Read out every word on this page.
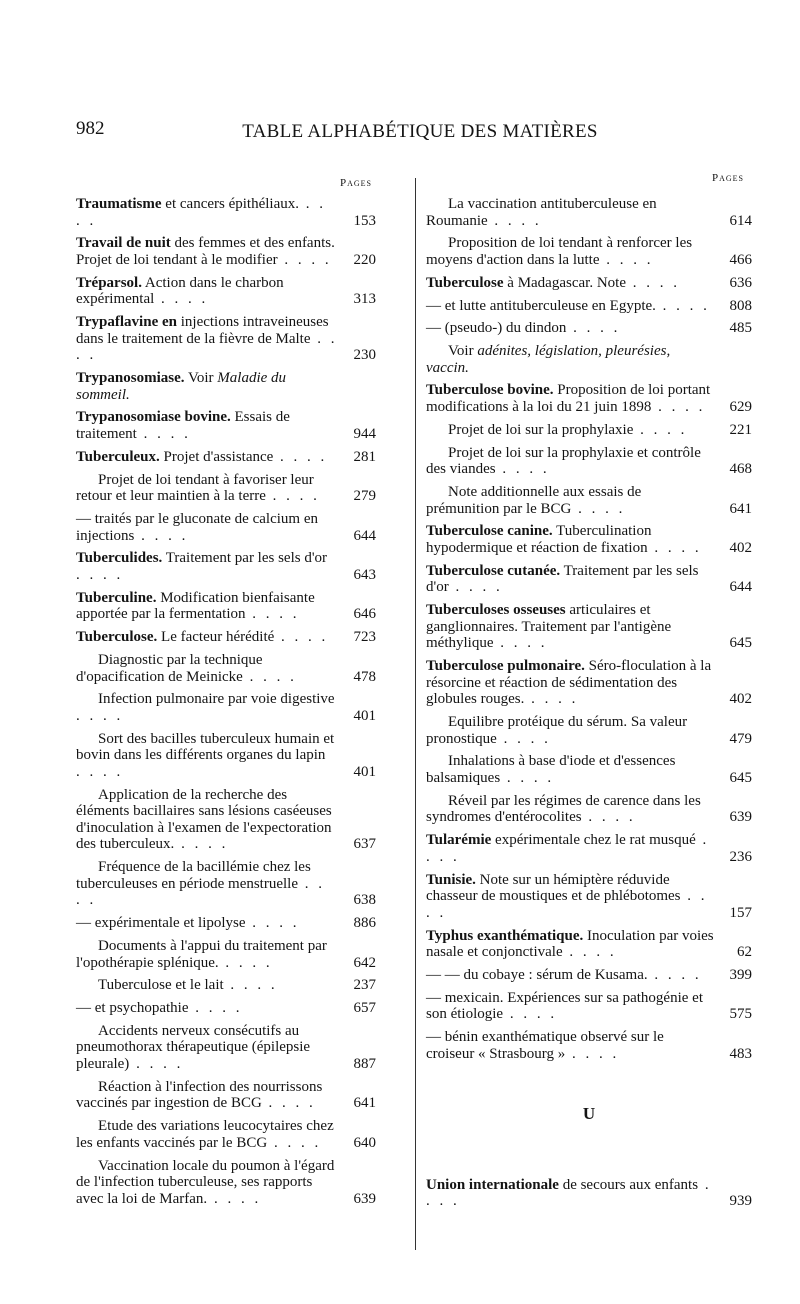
982	TABLE ALPHABÉTIQUE DES MATIÈRES
Pages	Pages
Traumatisme et cancers épithéliaux. . . . .	153
Travail de nuit des femmes et des enfants. Projet de loi tendant à le modifier . . . . 220
Tréparsol. Action dans le charbon expérimental . . . .	313
Trypaflavine en injections intraveineuses dans le traitement de la fièvre de Malte . . . .	230
Trypanosomiase. Voir Maladie du sommeil.
Trypanosomiase bovine. Essais de traitement . . . .	944
Tuberculeux. Projet d'assistance . . . . 281
Projet de loi tendant à favoriser leur retour et leur maintien à la terre . . . .	279
— traités par le gluconate de calcium en injections . . . .	644
Tuberculides. Traitement par les sels d'or . . . .	643
Tuberculine. Modification bienfaisante apportée par la fermentation . . . .	646
Tuberculose. Le facteur hérédité . . . . 723
Diagnostic par la technique d'opacification de Meinicke . . . .	478
Infection pulmonaire par voie digestive . . . .	401
Sort des bacilles tuberculeux humain et bovin dans les différents organes du lapin . . . .	401
Application de la recherche des éléments bacillaires sans lésions caséeuses d'inoculation à l'examen de l'expectoration des tuberculeux. . . . .	637
Fréquence de la bacillémie chez les tuberculeuses en période menstruelle . . . .	638
— expérimentale et lipolyse . . . .	886
Documents à l'appui du traitement par l'opothérapie splénique. . . . .	642
Tuberculose et le lait . . . .	237
— et psychopathie . . . .	657
Accidents nerveux consécutifs au pneumothorax thérapeutique (épilepsie pleurale) . . . .	887
Réaction à l'infection des nourrissons vaccinés par ingestion de BCG . . . .	641
Etude des variations leucocytaires chez les enfants vaccinés par le BCG . . . .	640
Vaccination locale du poumon à l'égard de l'infection tuberculeuse, ses rapports avec la loi de Marfan. . . . .	639
La vaccination antituberculeuse en Roumanie . . . .	614
Proposition de loi tendant à renforcer les moyens d'action dans la lutte . . . .	466
Tuberculose à Madagascar. Note . . . .	636
— et lutte antituberculeuse en Egypte. . . . . 808
— (pseudo-) du dindon . . . .	485
Voir adénites, législation, pleurésies, vaccin.
Tuberculose bovine. Proposition de loi portant modifications à la loi du 21 juin 1898 . . . . 629
Projet de loi sur la prophylaxie . . . .	221
Projet de loi sur la prophylaxie et contrôle des viandes . . . .	468
Note additionnelle aux essais de prémunition par le BCG . . . .	641
Tuberculose canine. Tuberculination hypodermique et réaction de fixation . . . . 402
Tuberculose cutanée. Traitement par les sels d'or . . . .	644
Tuberculoses osseuses articulaires et ganglionnaires. Traitement par l'antigène méthylique . . . .	645
Tuberculose pulmonaire. Séro-floculation à la résorcine et réaction de sédimentation des globules rouges. . . . .	402
Equilibre protéique du sérum. Sa valeur pronostique . . . .	479
Inhalations à base d'iode et d'essences balsamiques . . . .	645
Réveil par les régimes de carence dans les syndromes d'entérocolites . . . .	639
Tularémie expérimentale chez le rat musqué . . . .	236
Tunisie. Note sur un hémiptère réduvide chasseur de moustiques et de phlébotomes . . . .	157
Typhus exanthématique. Inoculation par voies nasale et conjonctivale . . . .	62
— — du cobaye : sérum de Kusama. . . . . 399
— mexicain. Expériences sur sa pathogénie et son étiologie . . . .	575
— bénin exanthématique observé sur le croiseur « Strasbourg » . . . .	483
U
Union internationale de secours aux enfants . . . .	939
